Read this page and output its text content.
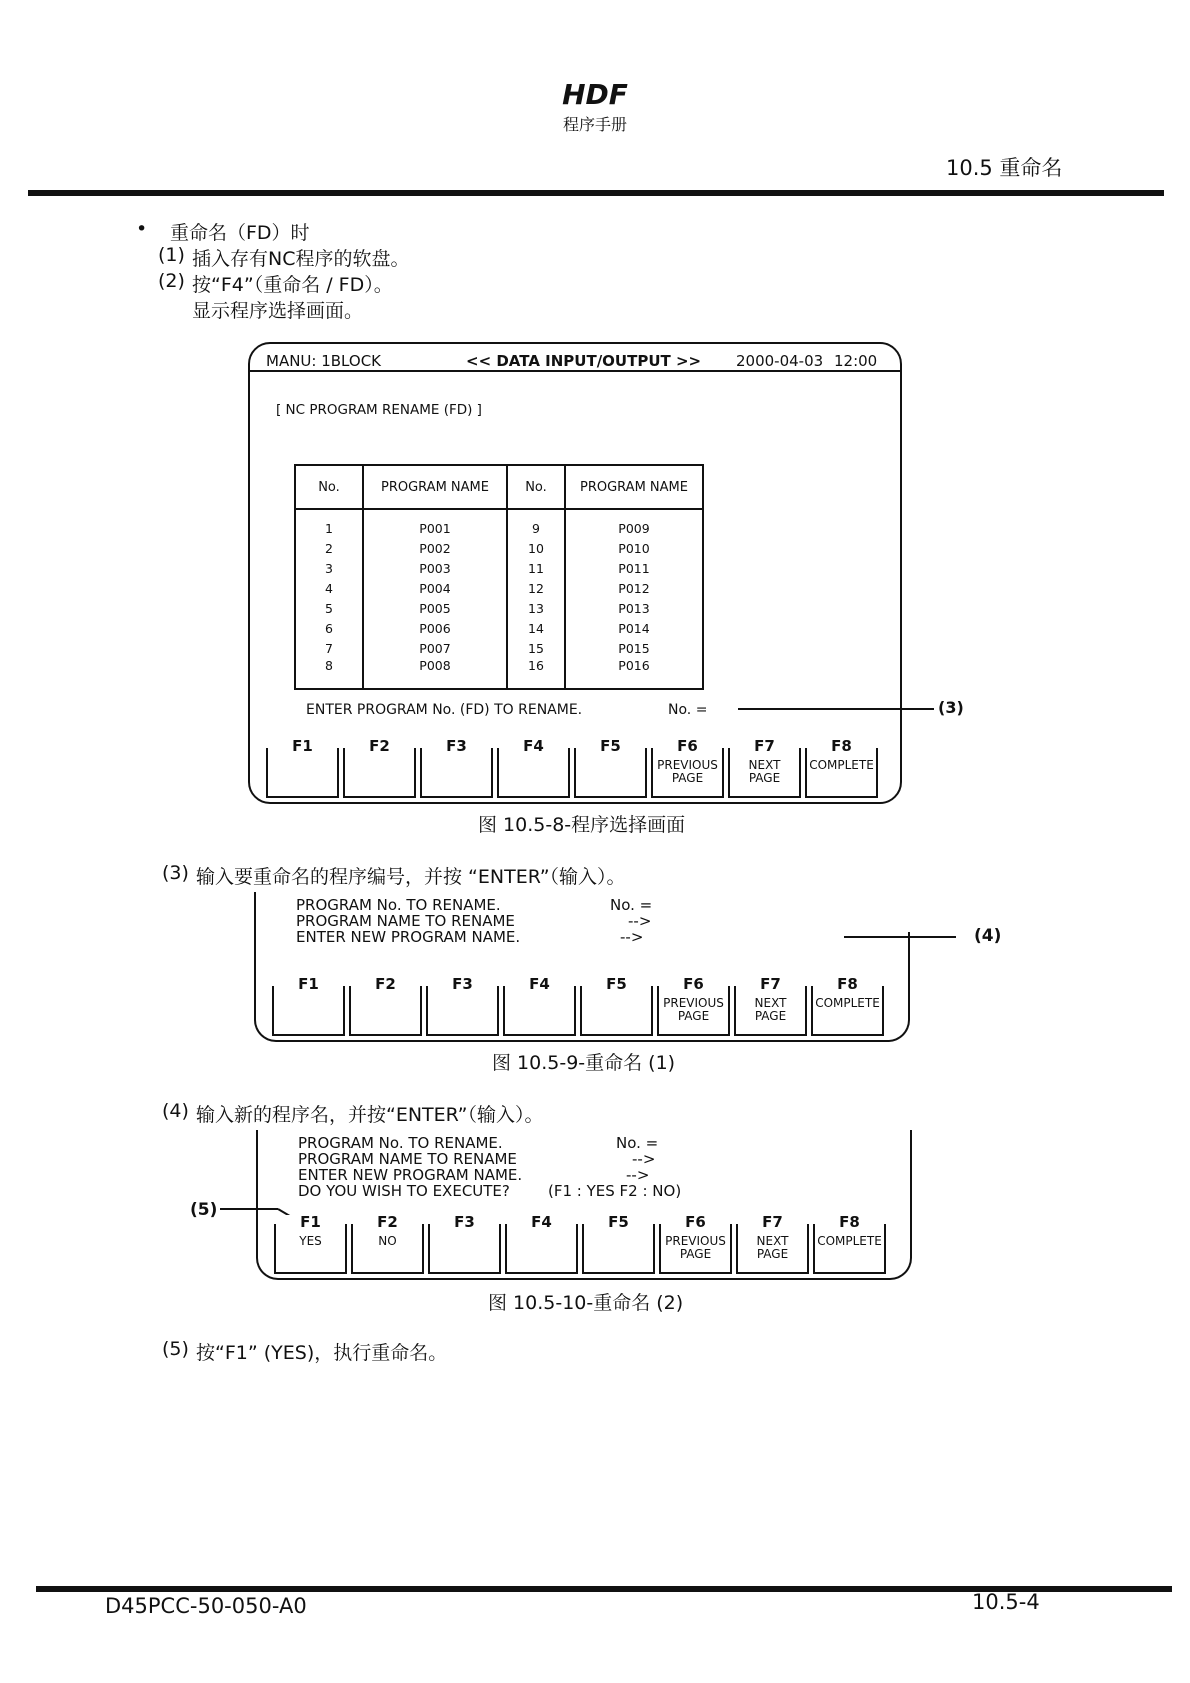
HDF
程序手册
10.5 重命名
• 重命名（FD）时
(1) 插入存有NC程序的软盘。
(2) 按“F4”（重命名 / FD）。
显示程序选择画面。
MANU: 1BLOCK	<< DATA INPUT/OUTPUT >> 2000-04-03 12:00
[ NC PROGRAM RENAME (FD) ]
No.	PROGRAM NAME	No.	PROGRAM NAME
1	P001	9	P009
2	P002	10	P010
3	P003	11	P011
4	P004	12	P012
5	P005	13	P013
6	P006	14	P014
7	P007	15	P015
8	P008	16	P016
ENTER PROGRAM No. (FD) TO RENAME.	No. =	(3)
F1	F2	F3	F4	F5	F6
PREVIOUS
PAGE
F7
NEXT
PAGE
F8
COMPLETE
图 10.5-8-程序选择画面
(3) 输入要重命名的程序编号，并按 “ENTER”（输入）。
PROGRAM No. TO RENAME.	No. =
PROGRAM NAME TO RENAME	-->
ENTER NEW PROGRAM NAME.	-->	(4)
F1	F2	F3	F4	F5	F6
PREVIOUS
PAGE
F7
NEXT
PAGE
F8
COMPLETE
图 10.5-9-重命名 (1)
(4) 输入新的程序名，并按“ENTER”（输入）。
PROGRAM No. TO RENAME.	No. =
PROGRAM NAME TO RENAME	-->
ENTER NEW PROGRAM NAME.	-->
DO YOU WISH TO EXECUTE?	(F1 : YES F2 : NO)
(5)
F1
YES
F2
NO
F3	F4	F5	F6
PREVIOUS
PAGE
F7
NEXT
PAGE
F8
COMPLETE
图 10.5-10-重命名 (2)
(5) 按“F1” (YES)，执行重命名。
D45PCC-50-050-A0	10.5-4
